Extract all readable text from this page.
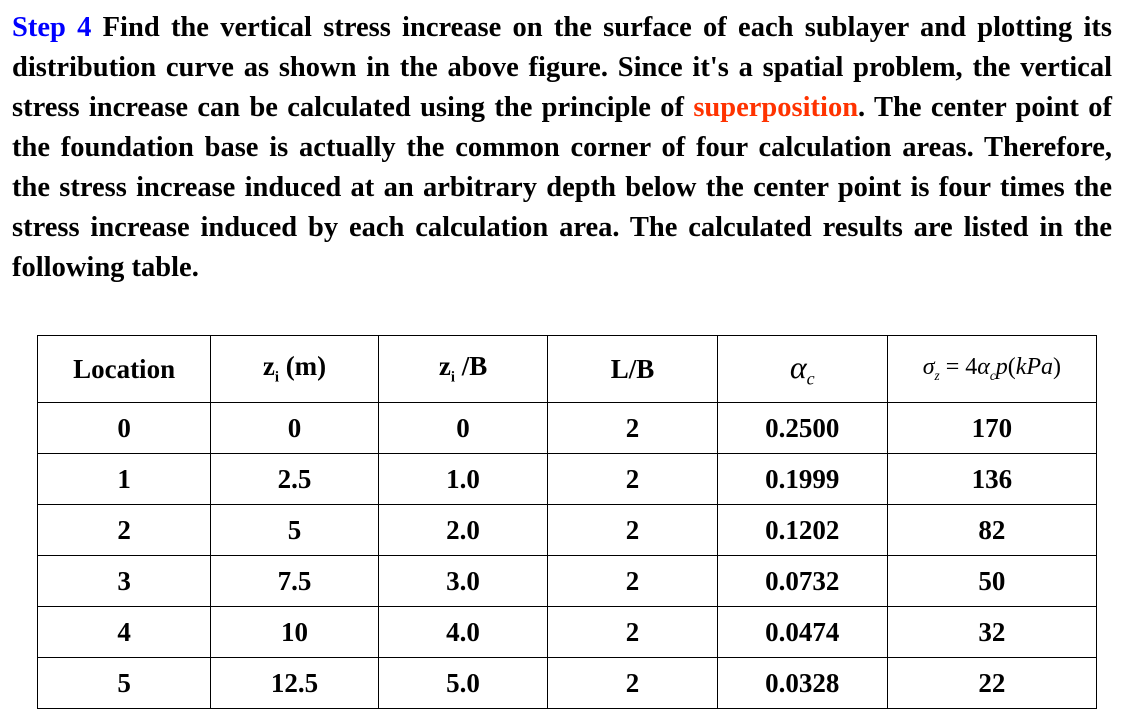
Step 4 Find the vertical stress increase on the surface of each sublayer and plotting its distribution curve as shown in the above figure. Since it's a spatial problem, the vertical stress increase can be calculated using the principle of superposition. The center point of the foundation base is actually the common corner of four calculation areas. Therefore, the stress increase induced at an arbitrary depth below the center point is four times the stress increase induced by each calculation area. The calculated results are listed in the following table.
Location	$z_i$ (m)	$z_i$ /B	L/B	$\alpha_c$	$\sigma_z = 4\alpha_cp(kPa)$
0	0	0	2	0.2500	170
1	2.5	1.0	2	0.1999	136
2	5	2.0	2	0.1202	82
3	7.5	3.0	2	0.0732	50
4	10	4.0	2	0.0474	32
5	12.5	5.0	2	0.0328	22
